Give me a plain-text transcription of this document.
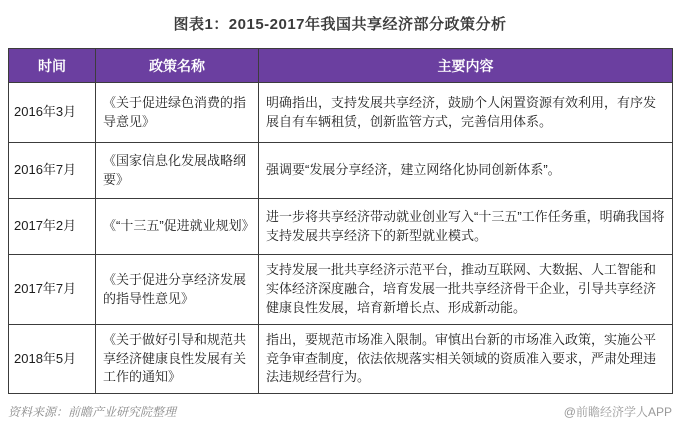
图表1：2015-2017年我国共享经济部分政策分析
时间	政策名称	主要内容
2016年3月	《关于促进绿色消费的指导意见》	明确指出，支持发展共享经济，鼓励个人闲置资源有效利用，有序发展自有车辆租赁，创新监管方式，完善信用体系。
2016年7月	《国家信息化发展战略纲要》	强调要“发展分享经济，建立网络化协同创新体系”。
2017年2月	《“十三五”促进就业规划》	进一步将共享经济带动就业创业写入“十三五”工作任务重，明确我国将支持发展共享经济下的新型就业模式。
2017年7月	《关于促进分享经济发展的指导性意见》	支持发展一批共享经济示范平台，推动互联网、大数据、人工智能和实体经济深度融合，培育发展一批共享经济骨干企业，引导共享经济健康良性发展，培育新增长点、形成新动能。
2018年5月	《关于做好引导和规范共享经济健康良性发展有关工作的通知》	指出，要规范市场准入限制。审慎出台新的市场准入政策，实施公平竞争审查制度，依法依规落实相关领域的资质准入要求，严肃处理违法违规经营行为。
资料来源：前瞻产业研究院整理	@前瞻经济学人APP
